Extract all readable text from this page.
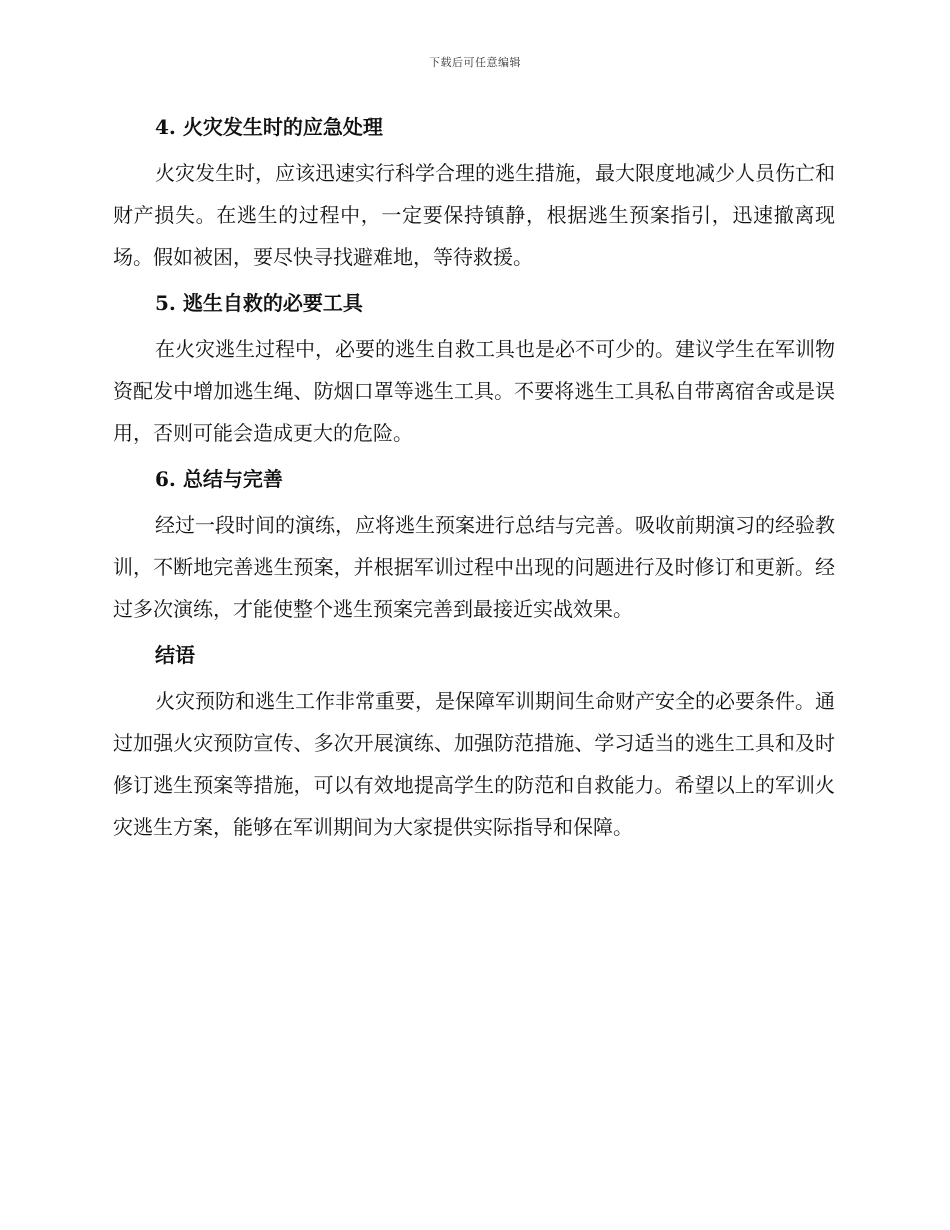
下载后可任意编辑
4. 火灾发生时的应急处理

火灾发生时，应该迅速实行科学合理的逃生措施，最大限度地减少人员伤亡和财产损失。在逃生的过程中，一定要保持镇静，根据逃生预案指引，迅速撤离现场。假如被困，要尽快寻找避难地，等待救援。

5. 逃生自救的必要工具

在火灾逃生过程中，必要的逃生自救工具也是必不可少的。建议学生在军训物资配发中增加逃生绳、防烟口罩等逃生工具。不要将逃生工具私自带离宿舍或是误用，否则可能会造成更大的危险。

6. 总结与完善

经过一段时间的演练，应将逃生预案进行总结与完善。吸收前期演习的经验教训，不断地完善逃生预案，并根据军训过程中出现的问题进行及时修订和更新。经过多次演练，才能使整个逃生预案完善到最接近实战效果。

结语

火灾预防和逃生工作非常重要，是保障军训期间生命财产安全的必要条件。通过加强火灾预防宣传、多次开展演练、加强防范措施、学习适当的逃生工具和及时修订逃生预案等措施，可以有效地提高学生的防范和自救能力。希望以上的军训火灾逃生方案，能够在军训期间为大家提供实际指导和保障。
